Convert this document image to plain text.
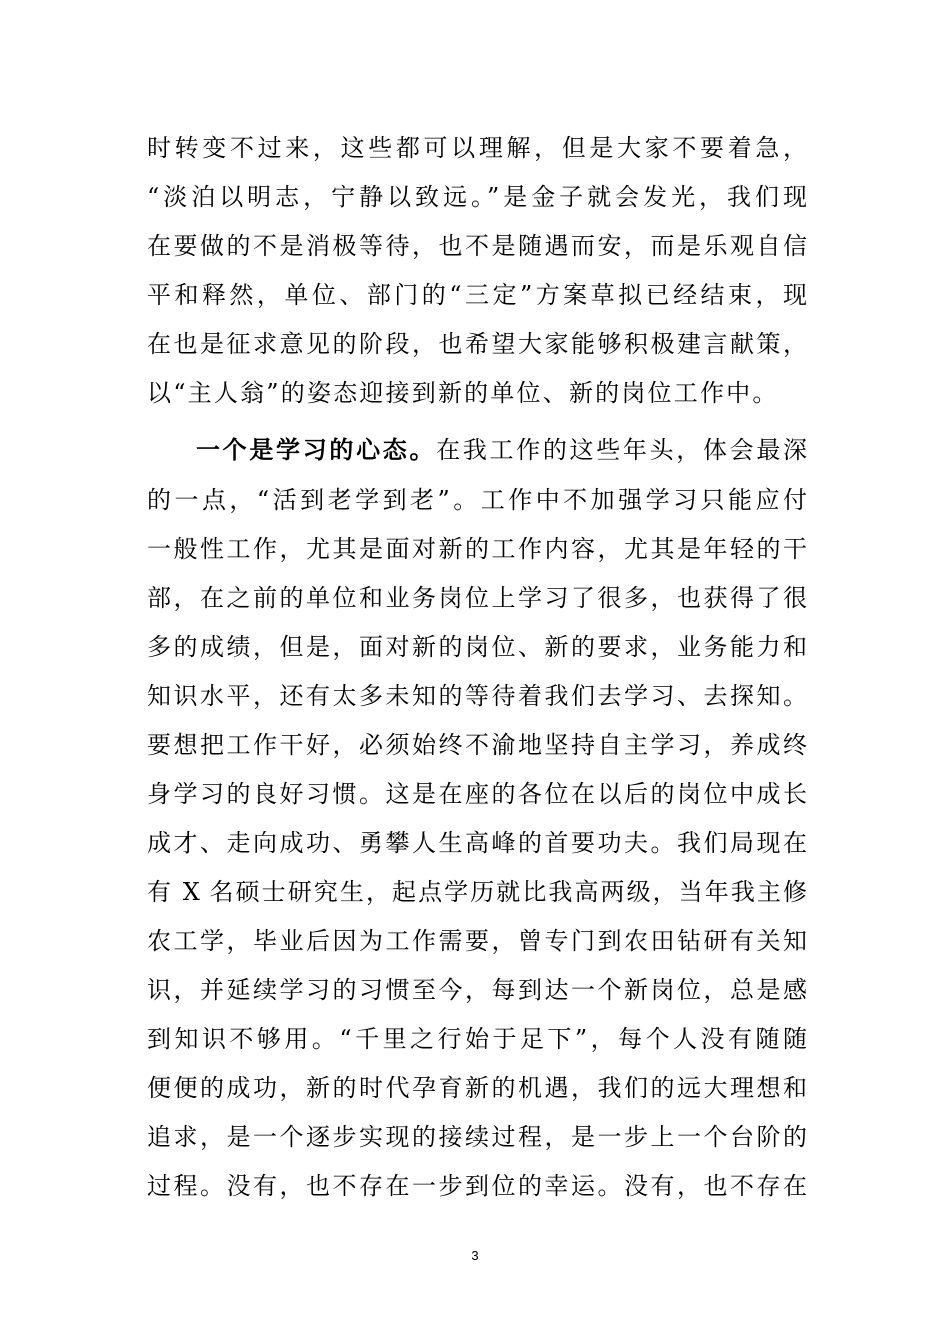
时转变不过来，这些都可以理解，但是大家不要着急，
“淡泊以明志，宁静以致远。”是金子就会发光，我们现
在要做的不是消极等待，也不是随遇而安，而是乐观自信
平和释然，单位、部门的“三定”方案草拟已经结束，现
在也是征求意见的阶段，也希望大家能够积极建言献策，
以“主人翁”的姿态迎接到新的单位、新的岗位工作中。
一个是学习的心态。在我工作的这些年头，体会最深
的一点，“活到老学到老”。工作中不加强学习只能应付
一般性工作，尤其是面对新的工作内容，尤其是年轻的干
部，在之前的单位和业务岗位上学习了很多，也获得了很
多的成绩，但是，面对新的岗位、新的要求，业务能力和
知识水平，还有太多未知的等待着我们去学习、去探知。
要想把工作干好，必须始终不渝地坚持自主学习，养成终
身学习的良好习惯。这是在座的各位在以后的岗位中成长
成才、走向成功、勇攀人生高峰的首要功夫。我们局现在
有 X 名硕士研究生，起点学历就比我高两级，当年我主修
农工学，毕业后因为工作需要，曾专门到农田钻研有关知
识，并延续学习的习惯至今，每到达一个新岗位，总是感
到知识不够用。“千里之行始于足下”，每个人没有随随
便便的成功，新的时代孕育新的机遇，我们的远大理想和
追求，是一个逐步实现的接续过程，是一步上一个台阶的
过程。没有，也不存在一步到位的幸运。没有，也不存在
3
